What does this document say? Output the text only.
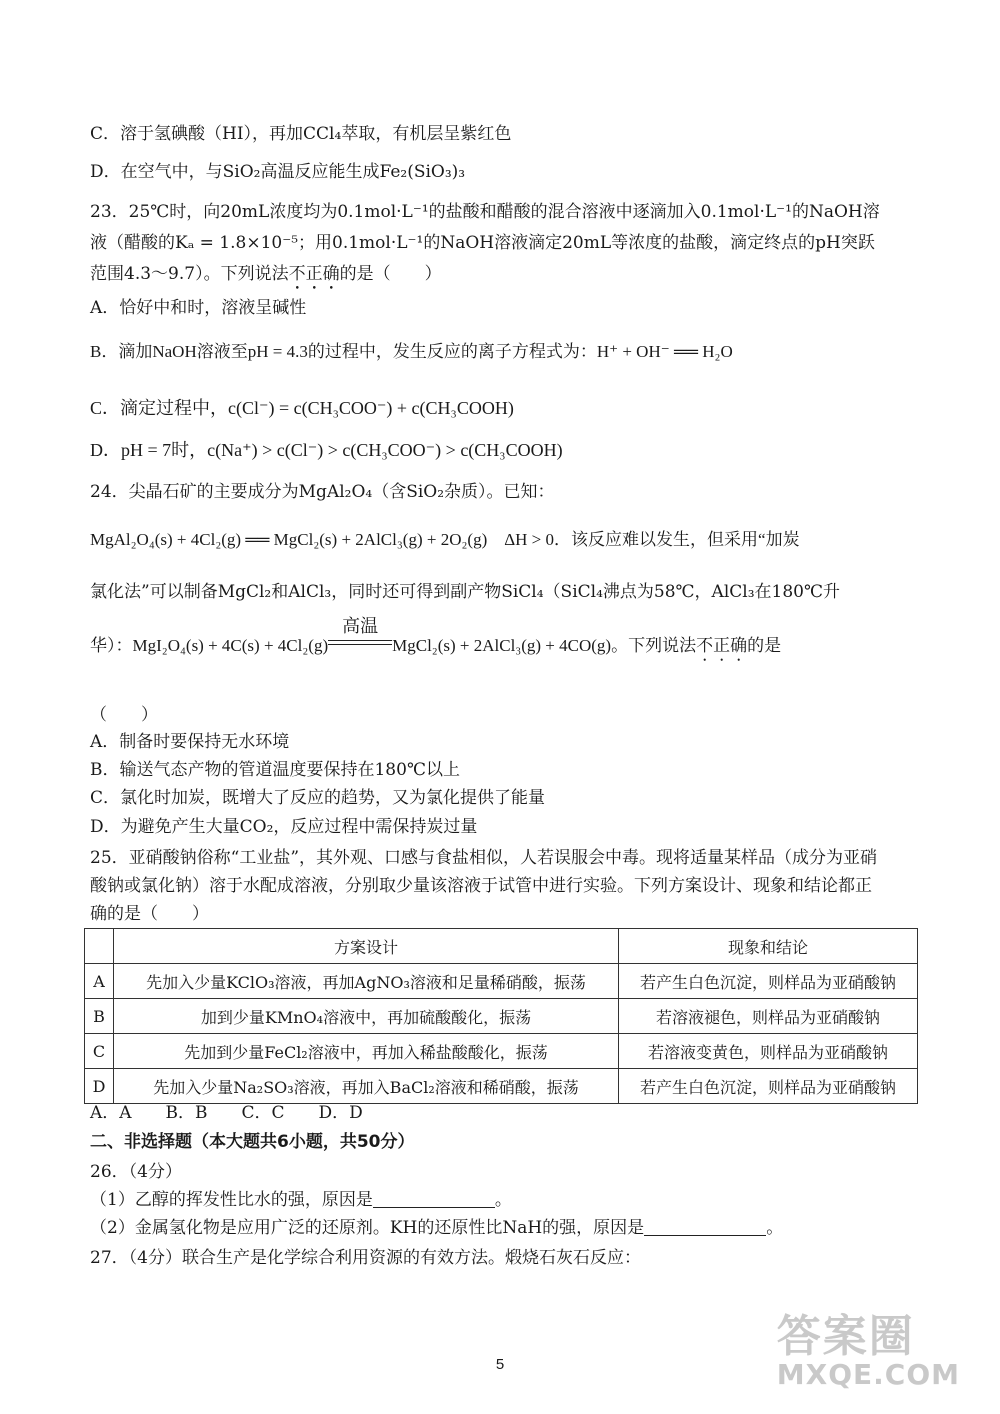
C．溶于氢碘酸（HI），再加CCl₄萃取，有机层呈紫红色
D．在空气中，与SiO₂高温反应能生成Fe₂(SiO₃)₃
23．25℃时，向20mL浓度均为0.1mol·L⁻¹的盐酸和醋酸的混合溶液中逐滴加入0.1mol·L⁻¹的NaOH溶
液（醋酸的Kₐ = 1.8×10⁻⁵；用0.1mol·L⁻¹的NaOH溶液滴定20mL等浓度的盐酸，滴定终点的pH突跃
范围4.3～9.7）。下列说法不正确的是（　　）
A．恰好中和时，溶液呈碱性
B．滴加NaOH溶液至pH = 4.3的过程中，发生反应的离子方程式为：H⁺ + OH⁻ ══ H₂O
C．滴定过程中，c(Cl⁻) = c(CH₃COO⁻) + c(CH₃COOH)
D．pH = 7时，c(Na⁺) > c(Cl⁻) > c(CH₃COO⁻) > c(CH₃COOH)
24．尖晶石矿的主要成分为MgAl₂O₄（含SiO₂杂质）。已知：
MgAl₂O₄(s) + 4Cl₂(g) ══ MgCl₂(s) + 2AlCl₃(g) + 2O₂(g)　ΔH > 0．该反应难以发生，但采用“加炭
氯化法”可以制备MgCl₂和AlCl₃，同时还可得到副产物SiCl₄（SiCl₄沸点为58℃，AlCl₃在180℃升
华）：MgI₂O₄(s) + 4C(s) + 4Cl₂(g)
高温
MgCl₂(s) + 2AlCl₃(g) + 4CO(g)。下列说法不正确的是
（　　）
A．制备时要保持无水环境
B．输送气态产物的管道温度要保持在180℃以上
C．氯化时加炭，既增大了反应的趋势，又为氯化提供了能量
D．为避免产生大量CO₂，反应过程中需保持炭过量
25．亚硝酸钠俗称“工业盐”，其外观、口感与食盐相似，人若误服会中毒。现将适量某样品（成分为亚硝
酸钠或氯化钠）溶于水配成溶液，分别取少量该溶液于试管中进行实验。下列方案设计、现象和结论都正
确的是（　　）
	方案设计	现象和结论
A	先加入少量KClO₃溶液，再加AgNO₃溶液和足量稀硝酸，振荡	若产生白色沉淀，则样品为亚硝酸钠
B	加到少量KMnO₄溶液中，再加硫酸酸化，振荡	若溶液褪色，则样品为亚硝酸钠
C	先加到少量FeCl₂溶液中，再加入稀盐酸酸化，振荡	若溶液变黄色，则样品为亚硝酸钠
D	先加入少量Na₂SO₃溶液，再加入BaCl₂溶液和稀硝酸，振荡	若产生白色沉淀，则样品为亚硝酸钠
A．A　　B．B　　C．C　　D．D
二、非选择题（本大题共6小题，共50分）
26．（4分）
（1）乙醇的挥发性比水的强，原因是	。
（2）金属氢化物是应用广泛的还原剂。KH的还原性比NaH的强，原因是	。
27．（4分）联合生产是化学综合利用资源的有效方法。煅烧石灰石反应：
5
答案圈
MXQE.COM
